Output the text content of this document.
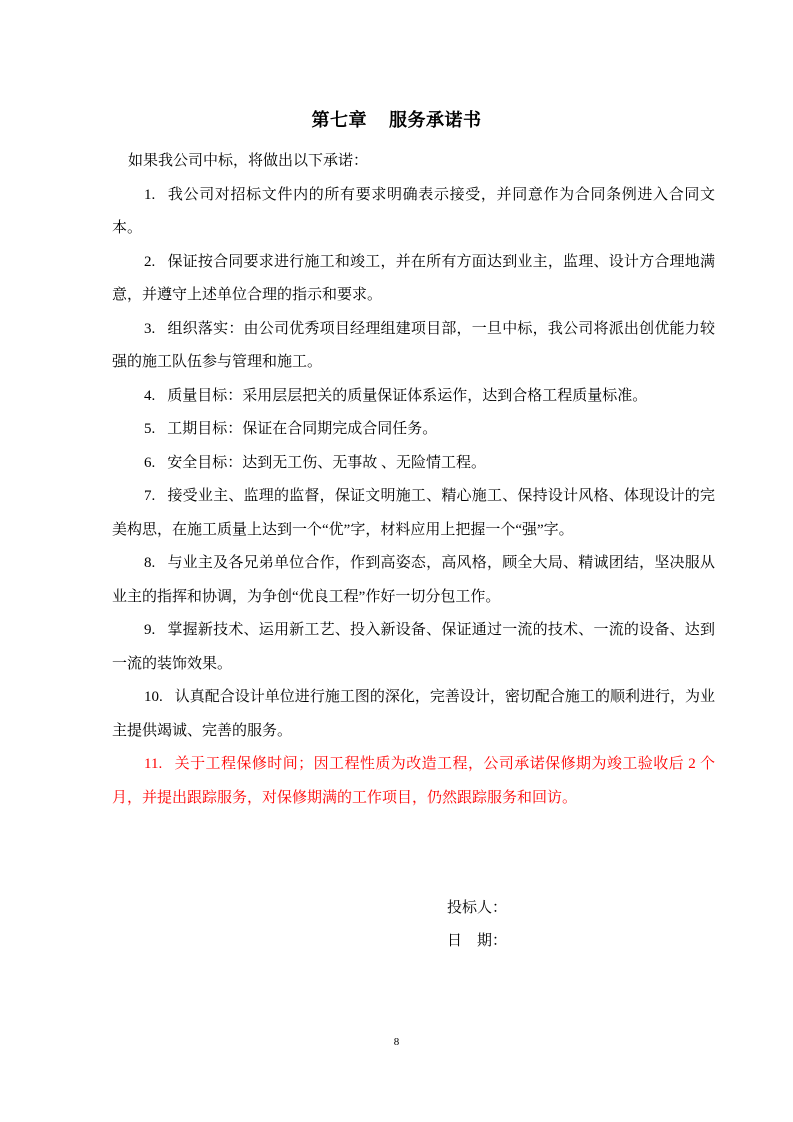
第七章 服务承诺书

如果我公司中标，将做出以下承诺：

1. 我公司对招标文件内的所有要求明确表示接受，并同意作为合同条例进入合同文本。

2. 保证按合同要求进行施工和竣工，并在所有方面达到业主，监理、设计方合理地满意，并遵守上述单位合理的指示和要求。

3. 组织落实：由公司优秀项目经理组建项目部，一旦中标，我公司将派出创优能力较强的施工队伍参与管理和施工。

4. 质量目标：采用层层把关的质量保证体系运作，达到合格工程质量标准。

5. 工期目标：保证在合同期完成合同任务。

6. 安全目标：达到无工伤、无事故 、无险情工程。

7. 接受业主、监理的监督，保证文明施工、精心施工、保持设计风格、体现设计的完美构思，在施工质量上达到一个“优”字，材料应用上把握一个“强”字。

8. 与业主及各兄弟单位合作，作到高姿态，高风格，顾全大局、精诚团结，坚决服从业主的指挥和协调，为争创“优良工程”作好一切分包工作。

9. 掌握新技术、运用新工艺、投入新设备、保证通过一流的技术、一流的设备、达到一流的装饰效果。

10. 认真配合设计单位进行施工图的深化，完善设计，密切配合施工的顺利进行，为业主提供竭诚、完善的服务。

11. 关于工程保修时间；因工程性质为改造工程，公司承诺保修期为竣工验收后 2 个月，并提出跟踪服务，对保修期满的工作项目，仍然跟踪服务和回访。

投标人：
日　期：
8
